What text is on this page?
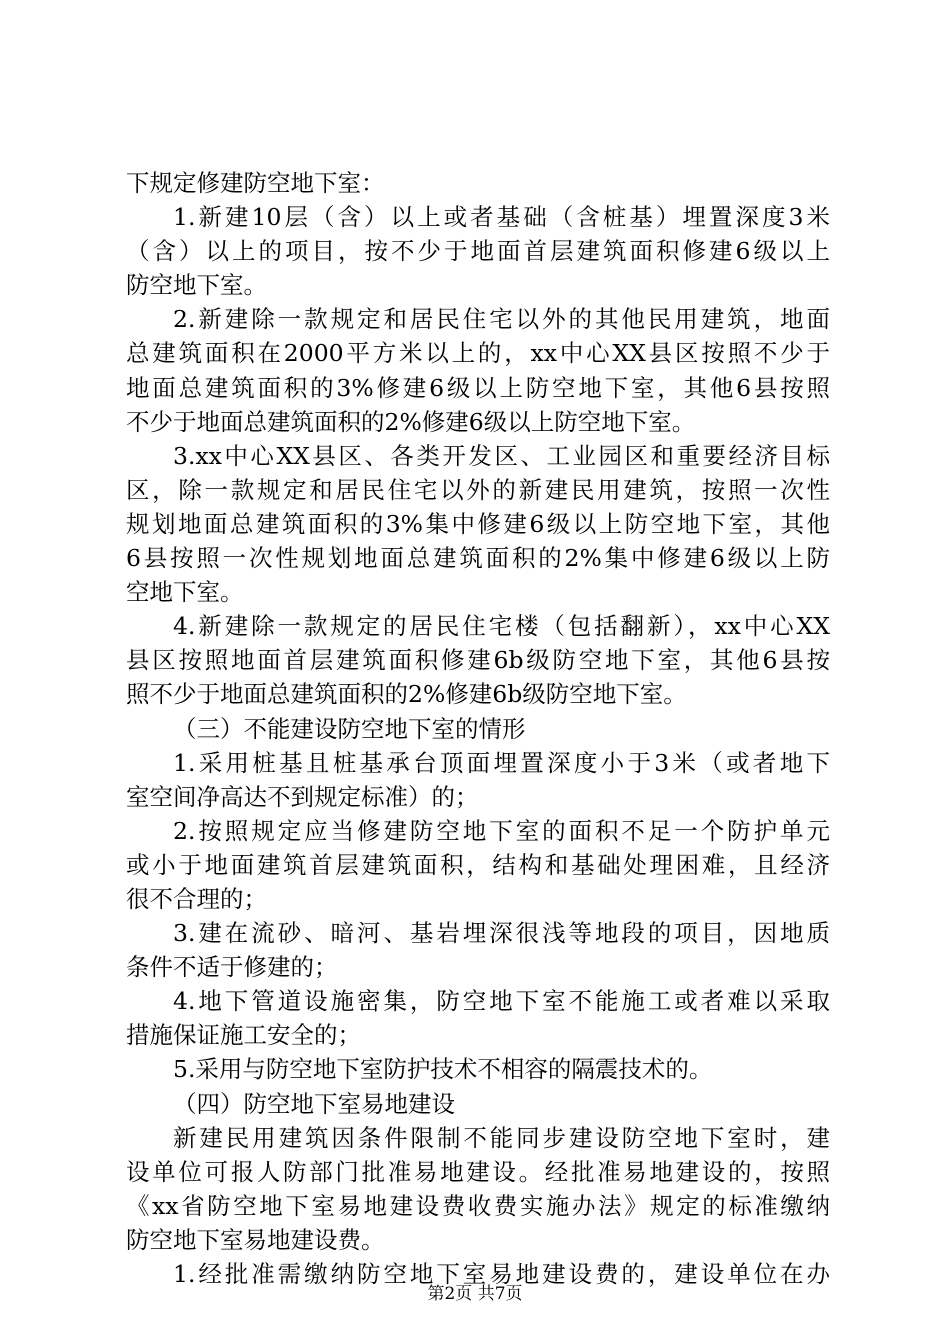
下规定修建防空地下室：
1.新建10层（含）以上或者基础（含桩基）埋置深度3米
（含）以上的项目，按不少于地面首层建筑面积修建6级以上
防空地下室。
2.新建除一款规定和居民住宅以外的其他民用建筑，地面
总建筑面积在2000平方米以上的，xx中心XX县区按照不少于
地面总建筑面积的3%修建6级以上防空地下室，其他6县按照
不少于地面总建筑面积的2%修建6级以上防空地下室。
3.xx中心XX县区、各类开发区、工业园区和重要经济目标
区，除一款规定和居民住宅以外的新建民用建筑，按照一次性
规划地面总建筑面积的3%集中修建6级以上防空地下室，其他
6县按照一次性规划地面总建筑面积的2%集中修建6级以上防
空地下室。
4.新建除一款规定的居民住宅楼（包括翻新），xx中心XX
县区按照地面首层建筑面积修建6b级防空地下室，其他6县按
照不少于地面总建筑面积的2%修建6b级防空地下室。
（三）不能建设防空地下室的情形
1.采用桩基且桩基承台顶面埋置深度小于3米（或者地下
室空间净高达不到规定标准）的；
2.按照规定应当修建防空地下室的面积不足一个防护单元
或小于地面建筑首层建筑面积，结构和基础处理困难，且经济
很不合理的；
3.建在流砂、暗河、基岩埋深很浅等地段的项目，因地质
条件不适于修建的；
4.地下管道设施密集，防空地下室不能施工或者难以采取
措施保证施工安全的；
5.采用与防空地下室防护技术不相容的隔震技术的。
（四）防空地下室易地建设
新建民用建筑因条件限制不能同步建设防空地下室时，建
设单位可报人防部门批准易地建设。经批准易地建设的，按照
《xx省防空地下室易地建设费收费实施办法》规定的标准缴纳
防空地下室易地建设费。
1.经批准需缴纳防空地下室易地建设费的，建设单位在办
第2页 共7页
